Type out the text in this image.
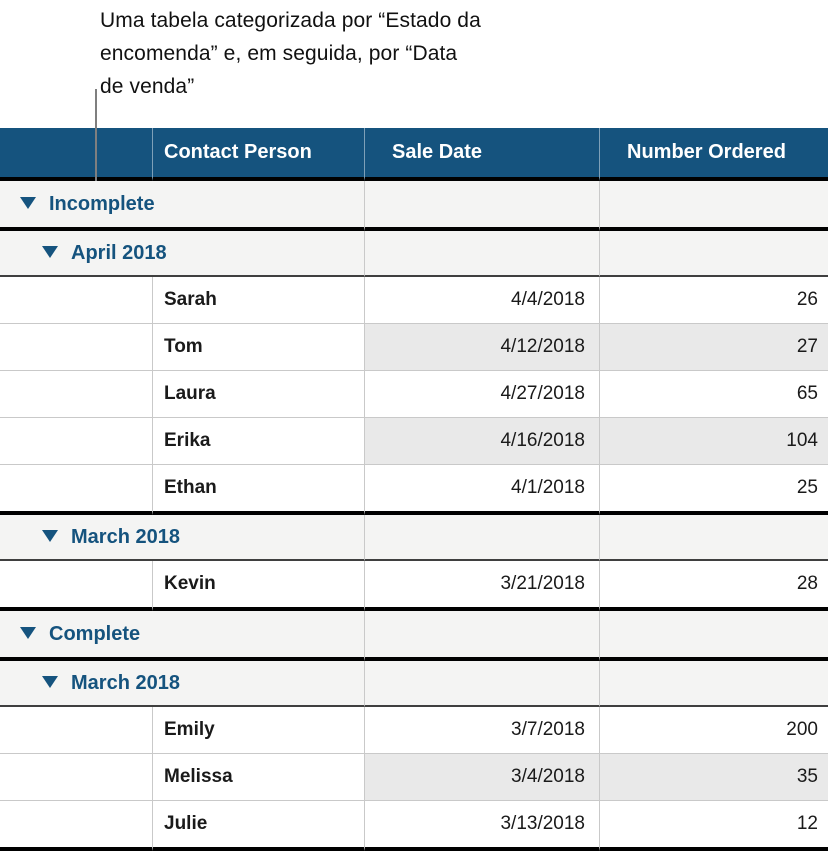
Uma tabela categorizada por “Estado da
encomenda” e, em seguida, por “Data
de venda”
	Contact Person	Sale Date	Number Ordered
Incomplete			
April 2018			
	Sarah	4/4/2018	26
	Tom	4/12/2018	27
	Laura	4/27/2018	65
	Erika	4/16/2018	104
	Ethan	4/1/2018	25
March 2018			
	Kevin	3/21/2018	28
Complete			
March 2018			
	Emily	3/7/2018	200
	Melissa	3/4/2018	35
	Julie	3/13/2018	12
